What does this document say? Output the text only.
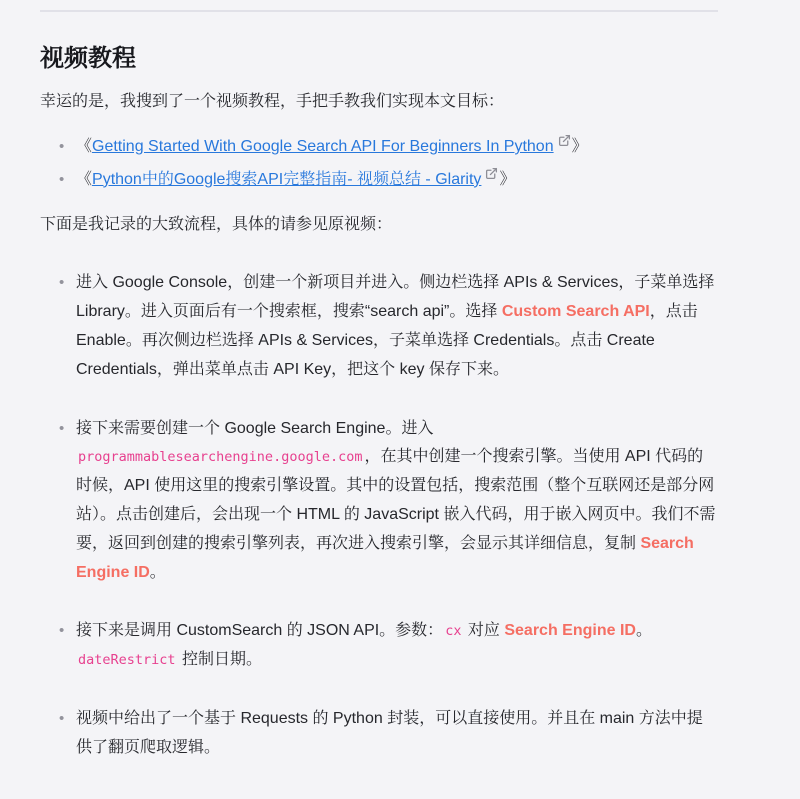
视频教程

幸运的是，我搜到了一个视频教程，手把手教我们实现本文目标：

• 《Getting Started With Google Search API For Beginners In Python 》
• 《Python中的Google搜索API完整指南- 视频总结 - Glarity 》

下面是我记录的大致流程，具体的请参见原视频：

• 进入 Google Console，创建一个新项目并进入。侧边栏选择 APIs & Services，子菜单选择 Library。进入页面后有一个搜索框，搜索“search api”。选择 Custom Search API，点击 Enable。再次侧边栏选择 APIs & Services，子菜单选择 Credentials。点击 Create Credentials，弹出菜单点击 API Key，把这个 key 保存下来。
• 接下来需要创建一个 Google Search Engine。进入 programmablesearchengine.google.com ，在其中创建一个搜索引擎。当使用 API 代码的时候，API 使用这里的搜索引擎设置。其中的设置包括，搜索范围（整个互联网还是部分网站）。点击创建后，会出现一个 HTML 的 JavaScript 嵌入代码，用于嵌入网页中。我们不需要，返回到创建的搜索引擎列表，再次进入搜索引擎，会显示其详细信息，复制 Search Engine ID。
• 接下来是调用 CustomSearch 的 JSON API。参数： cx 对应 Search Engine ID。dateRestrict 控制日期。
• 视频中给出了一个基于 Requests 的 Python 封装，可以直接使用。并且在 main 方法中提供了翻页爬取逻辑。
